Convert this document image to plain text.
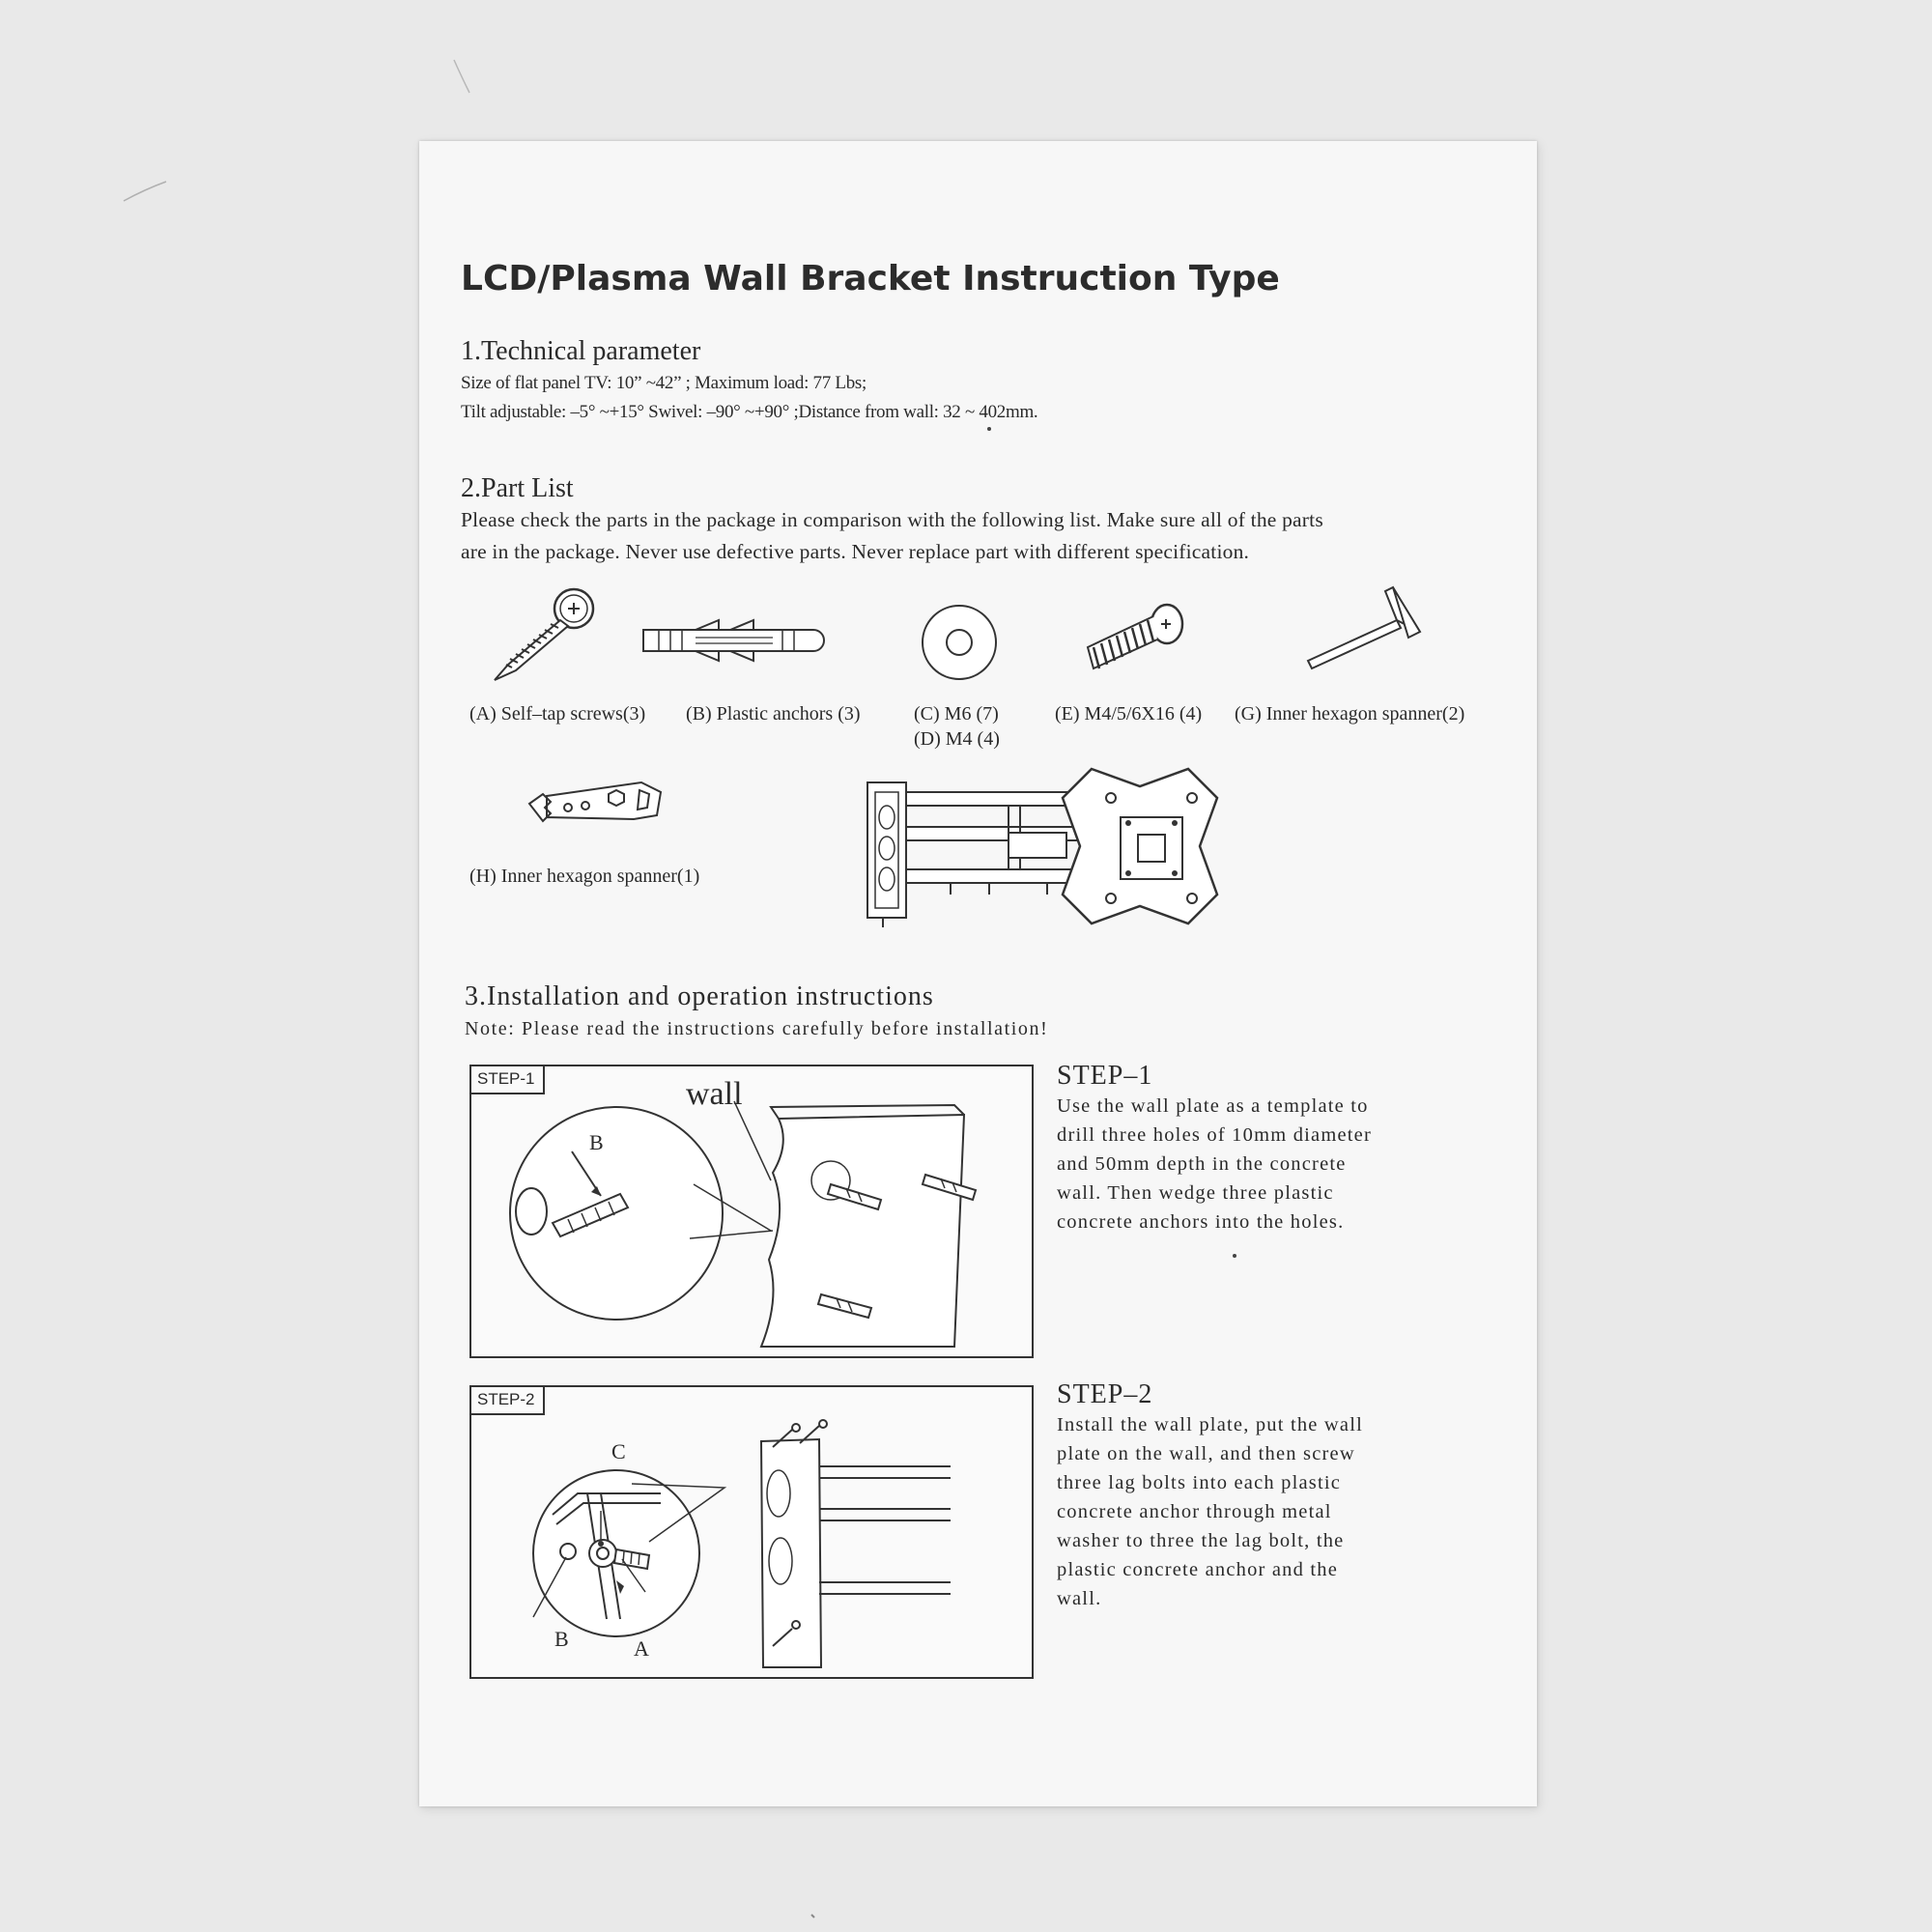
LCD/Plasma Wall Bracket Instruction Type
1.Technical parameter
Size of flat panel TV: 10” ~42” ; Maximum load: 77 Lbs;
Tilt adjustable: –5° ~+15° Swivel: –90° ~+90° ;Distance from wall: 32 ~ 402mm.
2.Part List
Please check the parts in the package in comparison with the following list. Make sure all of the parts
are in the package. Never use defective parts. Never replace part with different specification.
(A) Self–tap screws(3) (B) Plastic anchors (3)	(C) M6 (7)
(D) M4 (4)
(E) M4/5/6X16 (4) (G) Inner hexagon spanner(2)
(H) Inner hexagon spanner(1)
3.Installation and operation instructions
Note: Please read the instructions carefully before installation!
STEP-1	wall
B
STEP–1
Use the wall plate as a template to
drill three holes of 10mm diameter
and 50mm depth in the concrete
wall. Then wedge three plastic
concrete anchors into the holes.
STEP-2
C
B	A
STEP–2
Install the wall plate, put the wall
plate on the wall, and then screw
three lag bolts into each plastic
concrete anchor through metal
washer to three the lag bolt, the
plastic concrete anchor and the
wall.
